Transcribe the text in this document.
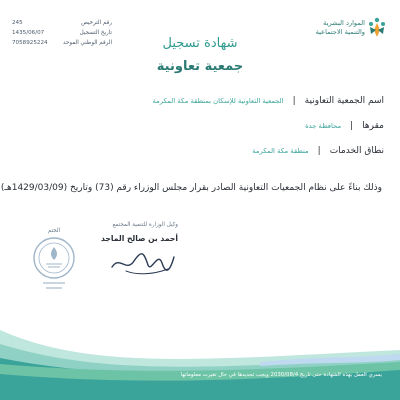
الموارد البشرية
والتنمية الاجتماعية
رقم الترخيص
245
تاريخ التسجيل
1435/06/07
الرقم الوطني الموحد
7058925224	شهادة تسجيل
جمعية تعاونية
اسم الجمعية التعاونية
|
الجمعية التعاونية للإسكان بمنطقة مكة المكرمة
مقرها
|
محافظة جدة
نطاق الخدمات
|
منطقة مكة المكرمة
وذلك بناءً على نظام الجمعيات التعاونية الصادر بقرار مجلس الوزراء رقم (73) وتاريخ (1429/03/09هـ)
وكيل الوزارة للتنمية المجتمع
أحمد بن صالح الماجد
الختم
يسري العمل بهذه الشهادة حتى تاريخ 2030/08/4 ويجب تجديدها في حال تغيرت معلوماتها
